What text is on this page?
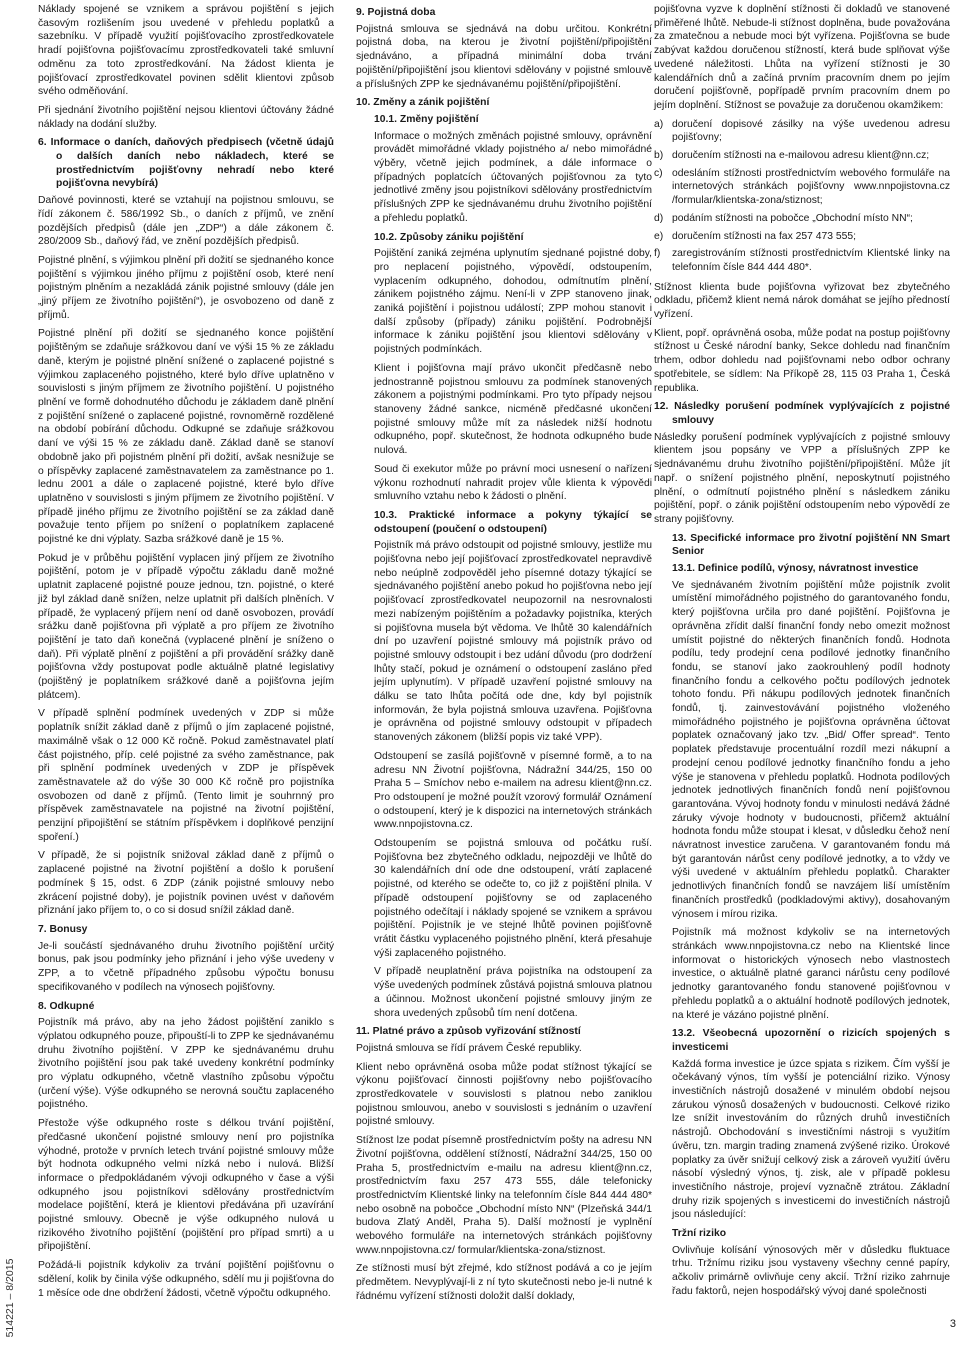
514221 – 8/2015

Náklady spojené se vznikem a správou pojištění s jejich časovým rozlišením jsou uvedené v přehledu poplatků a sazebníku. V případě využití pojišťovacího zprostředkovatele hradí pojišťovna pojišťovacímu zprostředkovateli také smluvní odměnu za toto zprostředkování. Na žádost klienta je pojišťovací zprostředkovatel povinen sdělit klientovi způsob svého odměňování.

Při sjednání životního pojištění nejsou klientovi účtovány žádné náklady na dodání služby.

6. Informace o daních, daňových předpisech (včetně údajů o dalších daních nebo nákladech, které se prostřednictvím pojišťovny nehradí nebo které pojišťovna nevybírá)

Daňové povinnosti, které se vztahují na pojistnou smlouvu, se řídí zákonem č. 586/1992 Sb., o daních z příjmů, ve znění pozdějších předpisů (dále jen „ZDP“) a dále zákonem č. 280/2009 Sb., daňový řád, ve znění pozdějších předpisů.

Pojistné plnění, s výjimkou plnění při dožití se sjednaného konce pojištění s výjimkou jiného příjmu z pojištění osob, které není pojistným plněním a nezakládá zánik pojistné smlouvy (dále jen „jiný příjem ze životního pojištění“), je osvobozeno od daně z příjmů.

Pojistné plnění při dožití se sjednaného konce pojištění pojištěným se zdaňuje srážkovou daní ve výši 15 % ze základu daně, kterým je pojistné plnění snížené o zaplacené pojistné s výjimkou zaplaceného pojistného, které bylo dříve uplatněno v souvislosti s jiným příjmem ze životního pojištění. U pojistného plnění ve formě dohodnutého důchodu je základem daně plnění z pojištění snížené o zaplacené pojistné, rovnoměrně rozdělené na období pobírání důchodu. Odkupné se zdaňuje srážkovou daní ve výši 15 % ze základu daně. Základ daně se stanoví obdobně jako při pojistném plnění při dožití, avšak nesnižuje se o příspěvky zaplacené zaměstnavatelem za zaměstnance po 1. lednu 2001 a dále o zaplacené pojistné, které bylo dříve uplatněno v souvislosti s jiným příjmem ze životního pojištění. V případě jiného příjmu ze životního pojištění se za základ daně považuje tento příjem po snížení o poplatníkem zaplacené pojistné ke dni výplaty. Sazba srážkové daně je 15 %.

Pokud je v průběhu pojištění vyplacen jiný příjem ze životního pojištění, potom je v případě výpočtu základu daně možné uplatnit zaplacené pojistné pouze jednou, tzn. pojistné, o které již byl základ daně snížen, nelze uplatnit při dalších plněních. V případě, že vyplacený příjem není od daně osvobozen, provádí srážku daně pojišťovna při výplatě a pro příjem ze životního pojištění je tato daň konečná (vyplacené plnění je sníženo o daň). Při výplatě plnění z pojištění a při provádění srážky daně pojišťovna vždy postupovat podle aktuálně platné legislativy (pojištěný je poplatníkem srážkové daně a pojišťovna jejím plátcem).

V případě splnění podmínek uvedených v ZDP si může poplatník snížit základ daně z příjmů o jím zaplacené pojistné, maximálně však o 12 000 Kč ročně. Pokud zaměstnavatel platí část pojistného, příp. celé pojistné za svého zaměstnance, pak při splnění podmínek uvedených v ZDP je příspěvek zaměstnavatele až do výše 30 000 Kč ročně pro pojistníka osvobozen od daně z příjmů. (Tento limit je souhrnný pro příspěvek zaměstnavatele na pojistné na životní pojištění, penzijní připojištění se státním příspěvkem i doplňkové penzijní spoření.)

V případě, že si pojistník snižoval základ daně z příjmů o zaplacené pojistné na životní pojištění a došlo k porušení podmínek § 15, odst. 6 ZDP (zánik pojistné smlouvy nebo zkrácení pojistné doby), je pojistník povinen uvést v daňovém přiznání jako příjem to, o co si dosud snížil základ daně.

7. Bonusy

Je-li součástí sjednávaného druhu životního pojištění určitý bonus, pak jsou podmínky jeho přiznání i jeho výše uvedeny v ZPP, a to včetně případného způsobu výpočtu bonusu specifikovaného v podílech na výnosech pojišťovny.

8. Odkupné

Pojistník má právo, aby na jeho žádost pojištění zaniklo s výplatou odkupného pouze, připouští-li to ZPP ke sjednávanému druhu životního pojištění. V ZPP ke sjednávanému druhu životního pojištění jsou pak také uvedeny konkrétní podmínky pro výplatu odkupného, včetně vlastního způsobu výpočtu (určení výše). Výše odkupného se nerovná součtu zaplaceného pojistného.

Přestože výše odkupného roste s délkou trvání pojištění, předčasné ukončení pojistné smlouvy není pro pojistníka výhodné, protože v prvních letech trvání pojistné smlouvy může být hodnota odkupného velmi nízká nebo i nulová. Bližší informace o předpokládaném vývoji odkupného v čase a výši odkupného jsou pojistníkovi sdělovány prostřednictvím modelace pojištění, která je klientovi předávána při uzavírání pojistné smlouvy. Obecně je výše odkupného nulová u rizikového životního pojištění (pojištění pro případ smrti) a u připojištění.

Požádá-li pojistník kdykoliv za trvání pojištění pojišťovnu o sdělení, kolik by činila výše odkupného, sdělí mu ji pojišťovna do 1 měsíce ode dne obdržení žádosti, včetně výpočtu odkupného.

9. Pojistná doba

Pojistná smlouva se sjednává na dobu určitou. Konkrétní pojistná doba, na kterou je životní pojištění/připojištění sjednáváno, a případná minimální doba trvání pojištění/připojištění jsou klientovi sdělovány v pojistné smlouvě a příslušných ZPP ke sjednávanému pojištění/připojištění.

10. Změny a zánik pojištění

10.1. Změny pojištění

Informace o možných změnách pojistné smlouvy, oprávnění provádět mimořádné vklady pojistného a/ nebo mimořádné výběry, včetně jejich podmínek, a dále informace o případných poplatcích účtovaných pojišťovnou za tyto jednotlivé změny jsou pojistníkovi sdělovány prostřednictvím příslušných ZPP ke sjednávanému druhu životního pojištění a přehledu poplatků.

10.2. Způsoby zániku pojištění

Pojištění zaniká zejména uplynutím sjednané pojistné doby, pro neplacení pojistného, výpovědí, odstoupením, vyplacením odkupného, dohodou, odmítnutím plnění, zánikem pojistného zájmu. Není-li v ZPP stanoveno jinak, zaniká pojištění i pojistnou událostí; ZPP mohou stanovit i další způsoby (případy) zániku pojištění. Podrobnější informace k zániku pojištění jsou klientovi sdělovány v pojistných podmínkách.

Klient i pojišťovna mají právo ukončit předčasně nebo jednostranně pojistnou smlouvu za podmínek stanovených zákonem a pojistnými podmínkami. Pro tyto případy nejsou stanoveny žádné sankce, nicméně předčasné ukončení pojistné smlouvy může mít za následek nižší hodnotu odkupného, popř. skutečnost, že hodnota odkupného bude nulová.

Soud či exekutor může po právní moci usnesení o nařízení výkonu rozhodnutí nahradit projev vůle klienta k výpovědi smluvního vztahu nebo k žádosti o plnění.

10.3. Praktické informace a pokyny týkající se odstoupení (poučení o odstoupení)

Pojistník má právo odstoupit od pojistné smlouvy, jestliže mu pojišťovna nebo její pojišťovací zprostředkovatel nepravdivě nebo neúplně zodpověděl jeho písemné dotazy týkající se sjednávaného pojištění anebo pokud ho pojišťovna nebo její pojišťovací zprostředkovatel neupozornil na nesrovnalosti mezi nabízeným pojištěním a požadavky pojistníka, kterých si pojišťovna musela být vědoma. Ve lhůtě 30 kalendářních dní po uzavření pojistné smlouvy má pojistník právo od pojistné smlouvy odstoupit i bez udání důvodu (pro dodržení lhůty stačí, pokud je oznámení o odstoupení zasláno před jejím uplynutím). V případě uzavření pojistné smlouvy na dálku se tato lhůta počítá ode dne, kdy byl pojistník informován, že byla pojistná smlouva uzavřena. Pojišťovna je oprávněna od pojistné smlouvy odstoupit v případech stanovených zákonem (bližší popis viz také VPP).

Odstoupení se zasílá pojišťovně v písemné formě, a to na adresu NN Životní pojišťovna, Nádražní 344/25, 150 00 Praha 5 – Smíchov nebo e-mailem na adresu klient@nn.cz. Pro odstoupení je možné použít vzorový formulář Oznámení o odstoupení, který je k dispozici na internetových stránkách www.nnpojistovna.cz.

Odstoupením se pojistná smlouva od počátku ruší. Pojišťovna bez zbytečného odkladu, nejpozději ve lhůtě do 30 kalendářních dní ode dne odstoupení, vrátí zaplacené pojistné, od kterého se odečte to, co již z pojištění plnila. V případě odstoupení pojišťovny se od zaplaceného pojistného odečítají i náklady spojené se vznikem a správou pojištění. Pojistník je ve stejné lhůtě povinen pojišťovně vrátit částku vyplaceného pojistného plnění, která přesahuje výši zaplaceného pojistného.

V případě neuplatnění práva pojistníka na odstoupení za výše uvedených podmínek zůstává pojistná smlouva platnou a účinnou. Možnost ukončení pojistné smlouvy jiným ze shora uvedených způsobů tím není dotčena.

11. Platné právo a způsob vyřizování stížností

Pojistná smlouva se řídí právem České republiky.

Klient nebo oprávněná osoba může podat stížnost týkající se výkonu pojišťovací činnosti pojišťovny nebo pojišťovacího zprostředkovatele v souvislosti s platnou nebo zaniklou pojistnou smlouvou, anebo v souvislosti s jednáním o uzavření pojistné smlouvy.

Stížnost lze podat písemně prostřednictvím pošty na adresu NN Životní pojišťovna, oddělení stížností, Nádražní 344/25, 150 00 Praha 5, prostřednictvím e-mailu na adresu klient@nn.cz, prostřednictvím faxu 257 473 555, dále telefonicky prostřednictvím Klientské linky na telefonním čísle 844 444 480* nebo osobně na pobočce „Obchodní místo NN“ (Plzeňská 344/1 budova Zlatý Anděl, Praha 5). Další možností je vyplnění webového formuláře na internetových stránkách pojišťovny www.nnpojistovna.cz/ formular/klientska-zona/stiznost.

Ze stížnosti musí být zřejmé, kdo stížnost podává a co je jejím předmětem. Nevyplývají-li z ní tyto skutečnosti nebo je-li nutné k řádnému vyřízení stížnosti doložit další doklady,

pojišťovna vyzve k doplnění stížnosti či dokladů ve stanovené přiměřené lhůtě. Nebude-li stížnost doplněna, bude považována za zmatečnou a nebude moci být vyřízena. Pojišťovna se bude zabývat každou doručenou stížností, která bude splňovat výše uvedené náležitosti. Lhůta na vyřízení stížnosti je 30 kalendářních dnů a začíná prvním pracovním dnem po jejím doručení pojišťovně, popřípadě prvním pracovním dnem po jejím doplnění. Stížnost se považuje za doručenou okamžikem:

a) doručení dopisové zásilky na výše uvedenou adresu pojišťovny;
b) doručením stížnosti na e-mailovou adresu klient@nn.cz;
c) odesláním stížnosti prostřednictvím webového formuláře na internetových stránkách pojišťovny www.nnpojistovna.cz /formular/klientska-zona/stiznost;
d) podáním stížnosti na pobočce „Obchodní místo NN“;
e) doručením stížnosti na fax 257 473 555;
f) zaregistrováním stížnosti prostřednictvím Klientské linky na telefonním čísle 844 444 480*.

Stížnost klienta bude pojišťovna vyřizovat bez zbytečného odkladu, přičemž klient nemá nárok domáhat se jejího předností vyřízení.

Klient, popř. oprávněná osoba, může podat na postup pojišťovny stížnost u České národní banky, Sekce dohledu nad finančním trhem, odbor dohledu nad pojišťovnami nebo odbor ochrany spotřebitele, se sídlem: Na Příkopě 28, 115 03 Praha 1, Česká republika.

12. Následky porušení podmínek vyplývajících z pojistné smlouvy

Následky porušení podmínek vyplývajících z pojistné smlouvy klientem jsou popsány ve VPP a příslušných ZPP ke sjednávanému druhu životního pojištění/připojištění. Může jít např. o snížení pojistného plnění, neposkytnutí pojistného plnění, o odmítnutí pojistného plnění s následkem zániku pojištění, popř. o zánik pojištění odstoupením nebo výpovědí ze strany pojišťovny.

13. Specifické informace pro životní pojištění NN Smart Senior

13.1. Definice podílů, výnosy, návratnost investice

Ve sjednávaném životním pojištění může pojistník zvolit umístění mimořádného pojistného do garantovaného fondu, který pojišťovna určila pro dané pojištění. Pojišťovna je oprávněna zřídit další finanční fondy nebo omezit možnost umístit pojistné do některých finančních fondů. Hodnota podílu, tedy prodejní cena podílové jednotky finančního fondu, se stanoví jako zaokrouhlený podíl hodnoty finančního fondu a celkového počtu podílových jednotek tohoto fondu. Při nákupu podílových jednotek finančních fondů, tj. zainvestovávání pojistného vloženého mimořádného pojistného je pojišťovna oprávněna účtovat poplatek označovaný jako tzv. „Bid/ Offer spread“. Tento poplatek představuje procentuální rozdíl mezi nákupní a prodejní cenou podílové jednotky finančního fondu a jeho výše je stanovena v přehledu poplatků. Hodnota podílových jednotek jednotlivých finančních fondů není pojišťovnou garantována. Vývoj hodnoty fondu v minulosti nedává žádné záruky vývoje hodnoty v budoucnosti, přičemž aktuální hodnota fondu může stoupat i klesat, v důsledku čehož není návratnost investice zaručena. V garantovaném fondu má být garantován nárůst ceny podílové jednotky, a to vždy ve výši uvedené v aktuálním přehledu poplatků. Charakter jednotlivých finančních fondů se navzájem liší umístěním finančních prostředků (podkladovými aktivy), dosahovaným výnosem i mírou rizika.

Pojistník má možnost kdykoliv se na internetových stránkách www.nnpojistovna.cz nebo na Klientské lince informovat o historických výnosech nebo vlastnostech investice, o aktuálně platné garanci nárůstu ceny podílové jednotky garantovaného fondu stanovené pojišťovnou v přehledu poplatků a o aktuální hodnotě podílových jednotek, na které je vázáno pojistné plnění.

13.2. Všeobecná upozornění o rizicích spojených s investicemi

Každá forma investice je úzce spjata s rizikem. Čím vyšší je očekávaný výnos, tím vyšší je potenciální riziko. Výnosy investičních nástrojů dosažené v minulém období nejsou zárukou výnosů dosažených v budoucnosti. Celkové riziko lze snížit investováním do různých druhů investičních nástrojů. Obchodování s investičními nástroji s využitím úvěru, tzn. margin trading znamená zvýšené riziko. Úrokové poplatky za úvěr snižují celkový zisk a zároveň využití úvěru násobí výsledný výnos, tj. zisk, ale v případě poklesu investičního nástroje, projeví vyznačně ztrátou. Základní druhy rizik spojených s investicemi do investičních nástrojů jsou následující:

Tržní riziko

Ovlivňuje kolísání výnosových měr v důsledku fluktuace trhu. Tržnímu riziku jsou vystaveny všechny cenné papíry, ačkoliv primárně ovlivňuje ceny akcií. Tržní riziko zahrnuje řadu faktorů, nejen hospodářský vývoj dané společnosti

3
